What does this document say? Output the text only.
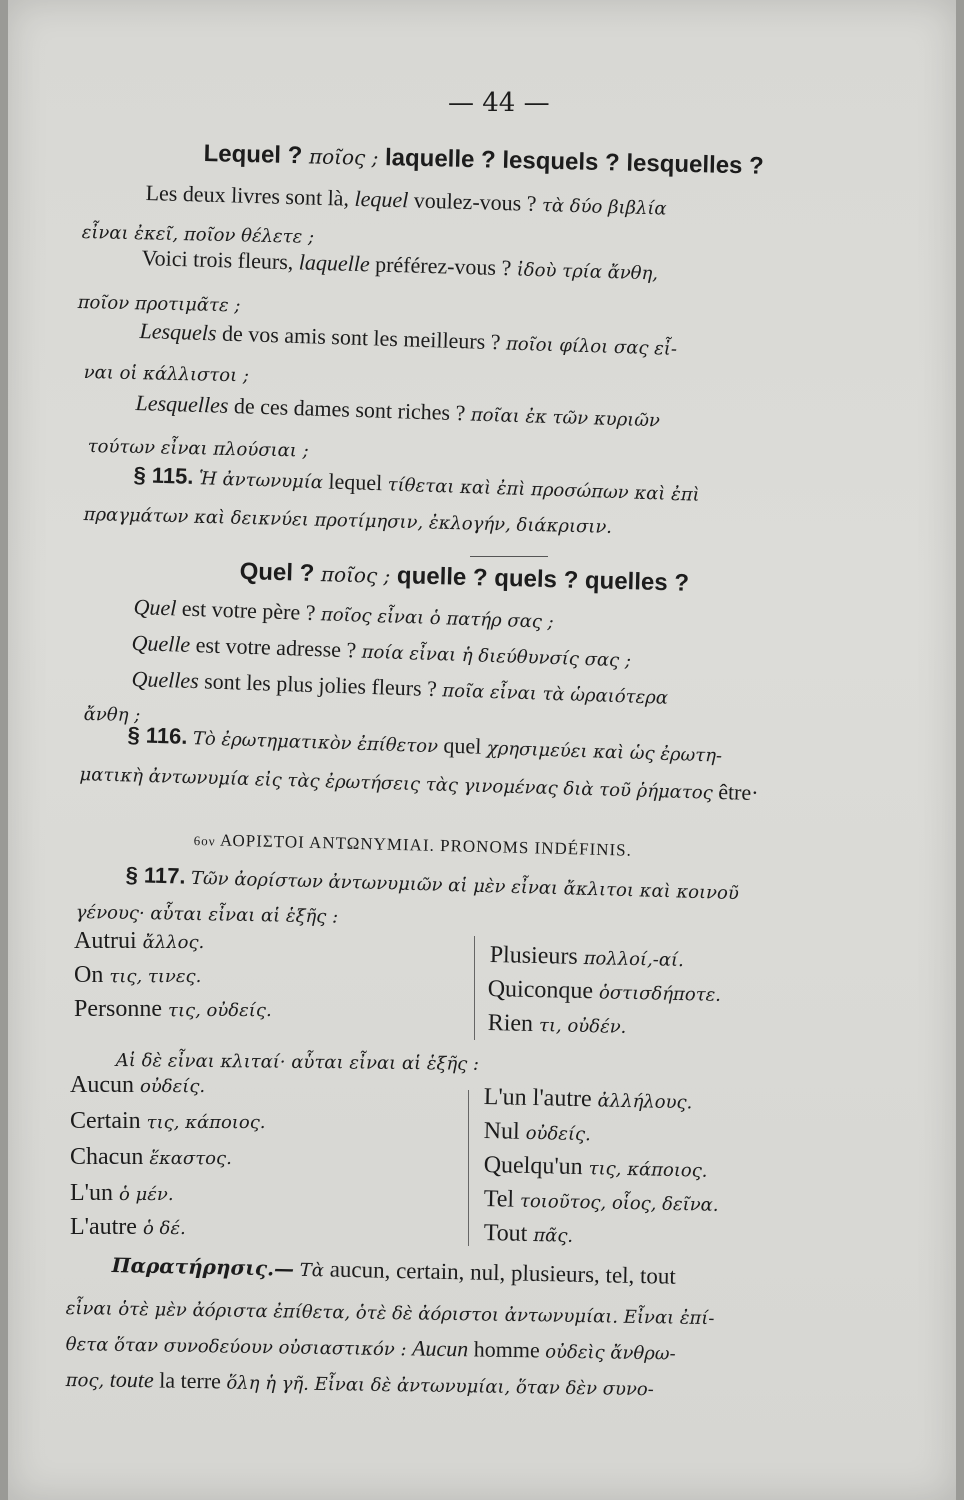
— 44 —
Lequel ? ποῖος ; laquelle ? lesquels ? lesquelles ?
Les deux livres sont là, lequel voulez-vous ? τὰ δύο βιβλία
εἶναι ἐκεῖ, ποῖον θέλετε ;
Voici trois fleurs, laquelle préférez-vous ? ἰδοὺ τρία ἄνθη,
ποῖον προτιμᾶτε ;
Lesquels de vos amis sont les meilleurs ? ποῖοι φίλοι σας εἶ-
ναι οἱ κάλλιστοι ;
Lesquelles de ces dames sont riches ? ποῖαι ἐκ τῶν κυριῶν
τούτων εἶναι πλούσιαι ;
§ 115. Ἡ ἀντωνυμία lequel τίθεται καὶ ἐπὶ προσώπων καὶ ἐπὶ
πραγμάτων καὶ δεικνύει προτίμησιν, ἐκλογήν, διάκρισιν.
Quel ? ποῖος ; quelle ? quels ? quelles ?
Quel est votre père ? ποῖος εἶναι ὁ πατήρ σας ;
Quelle est votre adresse ? ποία εἶναι ἡ διεύθυνσίς σας ;
Quelles sont les plus jolies fleurs ? ποῖα εἶναι τὰ ὡραιότερα
ἄνθη ;
§ 116. Τὸ ἐρωτηματικὸν ἐπίθετον quel χρησιμεύει καὶ ὡς ἐρωτη-
ματικὴ ἀντωνυμία εἰς τὰς ἐρωτήσεις τὰς γινομένας διὰ τοῦ ῥήματος être·
6ον ΑΟΡΙΣΤΟΙ ΑΝΤΩΝΥΜΙΑΙ. PRONOMS INDÉFINIS.
§ 117. Τῶν ἀορίστων ἀντωνυμιῶν αἱ μὲν εἶναι ἄκλιτοι καὶ κοινοῦ
γένους· αὗται εἶναι αἱ ἑξῆς :
Autrui ἄλλος.
On τις, τινες.
Personne τις, οὐδείς.
Plusieurs πολλοί,-αί.
Quiconque ὁστισδήποτε.
Rien τι, οὐδέν.
Αἱ δὲ εἶναι κλιταί· αὗται εἶναι αἱ ἑξῆς :
Aucun οὐδείς.
Certain τις, κάποιος.
Chacun ἕκαστος.
L'un ὁ μέν.
L'autre ὁ δέ.
L'un l'autre ἀλλήλους.
Nul οὐδείς.
Quelqu'un τις, κάποιος.
Tel τοιοῦτος, οἷος, δεῖνα.
Tout πᾶς.
Παρατήρησις.— Τὰ aucun, certain, nul, plusieurs, tel, tout
εἶναι ὁτὲ μὲν ἀόριστα ἐπίθετα, ὁτὲ δὲ ἀόριστοι ἀντωνυμίαι. Εἶναι ἐπί-
θετα ὅταν συνοδεύουν οὐσιαστικόν : Aucun homme οὐδεὶς ἄνθρω-
πος, toute la terre ὅλη ἡ γῆ. Εἶναι δὲ ἀντωνυμίαι, ὅταν δὲν συνο-
